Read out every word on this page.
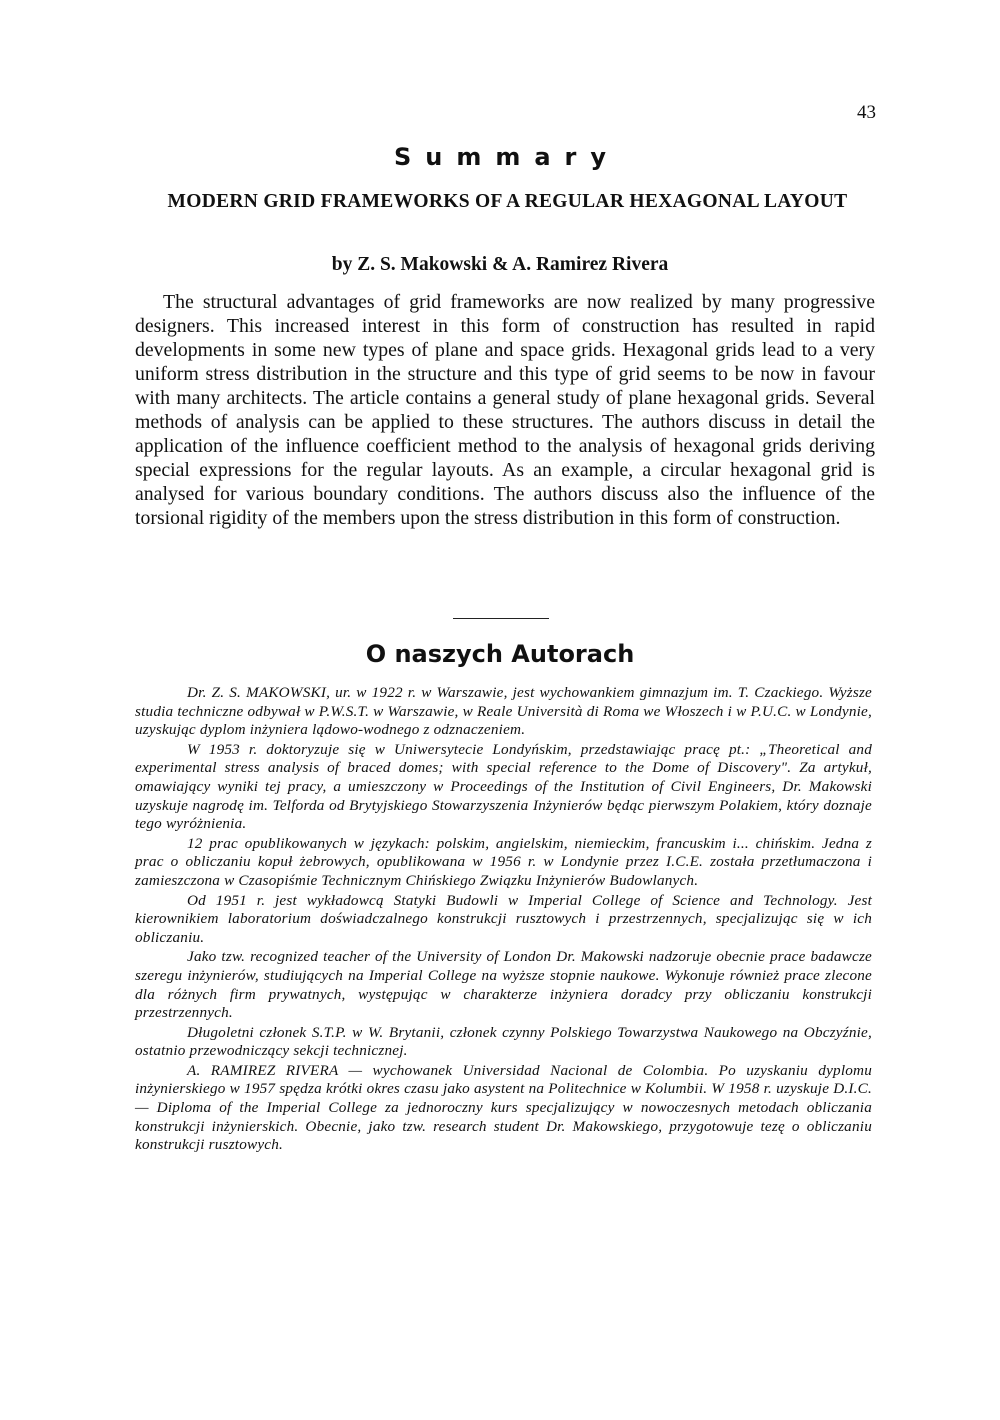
43
Summary
MODERN GRID FRAMEWORKS OF A REGULAR HEXAGONAL LAYOUT
by Z. S. Makowski & A. Ramirez Rivera

The structural advantages of grid frameworks are now realized by many progressive designers. This increased interest in this form of construction has resulted in rapid developments in some new types of plane and space grids. Hexagonal grids lead to a very uniform stress distribution in the structure and this type of grid seems to be now in favour with many architects. The article contains a general study of plane hexagonal grids. Several methods of analysis can be applied to these structures. The authors discuss in detail the application of the influence coefficient method to the analysis of hexagonal grids deriving special expressions for the regular layouts. As an example, a circular hexagonal grid is analysed for various boundary conditions. The authors discuss also the influence of the torsional rigidity of the members upon the stress distribution in this form of construction.

O naszych Autorach

Dr. Z. S. MAKOWSKI, ur. w 1922 r. w Warszawie, jest wychowankiem gimnazjum im. T. Czackiego. Wyższe studia techniczne odbywał w P.W.S.T. w Warszawie, w Reale Università di Roma we Włoszech i w P.U.C. w Londynie, uzyskując dyplom inżyniera lądowo-wodnego z odznaczeniem.

W 1953 r. doktoryzuje się w Uniwersytecie Londyńskim, przedstawiając pracę pt.: „Theoretical and experimental stress analysis of braced domes; with special reference to the Dome of Discovery". Za artykuł, omawiający wyniki tej pracy, a umieszczony w Proceedings of the Institution of Civil Engineers, Dr. Makowski uzyskuje nagrodę im. Telforda od Brytyjskiego Stowarzyszenia Inżynierów będąc pierwszym Polakiem, który doznaje tego wyróżnienia.

12 prac opublikowanych w językach: polskim, angielskim, niemieckim, francuskim i... chińskim. Jedna z prac o obliczaniu kopuł żebrowych, opublikowana w 1956 r. w Londynie przez I.C.E. została przetłumaczona i zamieszczona w Czasopiśmie Technicznym Chińskiego Związku Inżynierów Budowlanych.

Od 1951 r. jest wykładowcą Statyki Budowli w Imperial College of Science and Technology. Jest kierownikiem laboratorium doświadczalnego konstrukcji rusztowych i przestrzennych, specjalizując się w ich obliczaniu.

Jako tzw. recognized teacher of the University of London Dr. Makowski nadzoruje obecnie prace badawcze szeregu inżynierów, studiujących na Imperial College na wyższe stopnie naukowe. Wykonuje również prace zlecone dla różnych firm prywatnych, występując w charakterze inżyniera doradcy przy obliczaniu konstrukcji przestrzennych.

Długoletni członek S.T.P. w W. Brytanii, członek czynny Polskiego Towarzystwa Naukowego na Obczyźnie, ostatnio przewodniczący sekcji technicznej.

A. RAMIREZ RIVERA — wychowanek Universidad Nacional de Colombia. Po uzyskaniu dyplomu inżynierskiego w 1957 spędza krótki okres czasu jako asystent na Politechnice w Kolumbii. W 1958 r. uzyskuje D.I.C. — Diploma of the Imperial College za jednoroczny kurs specjalizujący w nowoczesnych metodach obliczania konstrukcji inżynierskich. Obecnie, jako tzw. research student Dr. Makowskiego, przygotowuje tezę o obliczaniu konstrukcji rusztowych.
